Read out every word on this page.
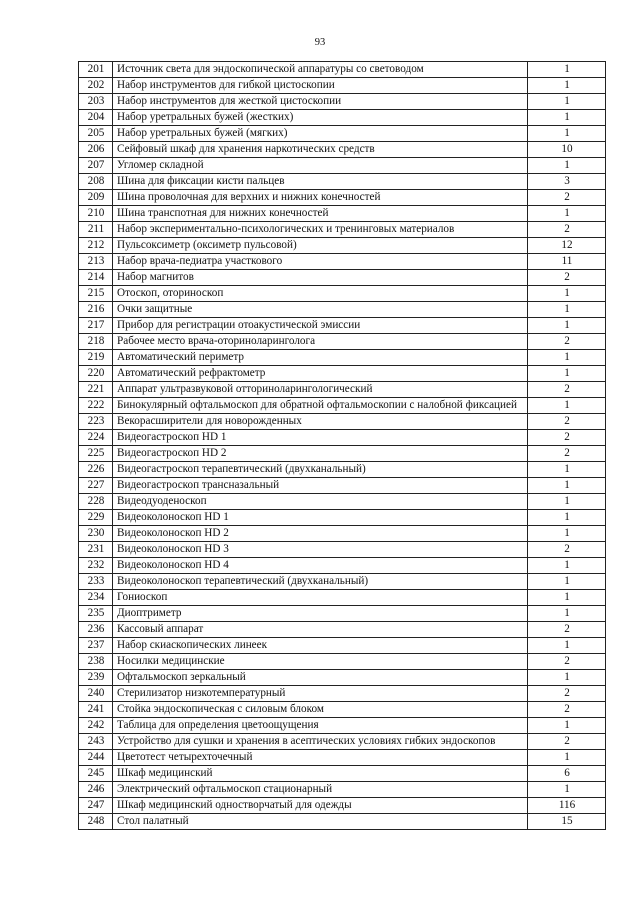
93
201	Источник света для эндоскопической аппаратуры со световодом	1
202	Набор инструментов для гибкой цистоскопии	1
203	Набор инструментов для жесткой цистоскопии	1
204	Набор уретральных бужей (жестких)	1
205	Набор уретральных бужей (мягких)	1
206	Сейфовый шкаф для хранения наркотических средств	10
207	Угломер складной	1
208	Шина для фиксации кисти пальцев	3
209	Шина проволочная для верхних и нижних конечностей	2
210	Шина транспотная для нижних конечностей	1
211	Набор экспериментально-психологических и тренинговых материалов	2
212	Пульсоксиметр (оксиметр пульсовой)	12
213	Набор врача-педиатра участкового	11
214	Набор магнитов	2
215	Отоскоп, оториноскоп	1
216	Очки защитные	1
217	Прибор для регистрации отоакустической эмиссии	1
218	Рабочее место врача-оториноларинголога	2
219	Автоматический периметр	1
220	Автоматический рефрактометр	1
221	Аппарат ультразвуковой отториноларингологический	2
222	Бинокулярный офтальмоскоп для обратной офтальмоскопии с налобной фиксацией	1
223	Векорасширители для новорожденных	2
224	Видеогастроскоп HD 1	2
225	Видеогастроскоп HD 2	2
226	Видеогастроскоп терапевтический (двухканальный)	1
227	Видеогастроскоп трансназальный	1
228	Видеодуоденоскоп	1
229	Видеоколоноскоп HD 1	1
230	Видеоколоноскоп HD 2	1
231	Видеоколоноскоп HD 3	2
232	Видеоколоноскоп HD 4	1
233	Видеоколоноскоп терапевтический (двухканальный)	1
234	Гониоскоп	1
235	Диоптриметр	1
236	Кассовый аппарат	2
237	Набор скиаскопических линеек	1
238	Носилки медицинские	2
239	Офтальмоскоп зеркальный	1
240	Стерилизатор низкотемпературный	2
241	Стойка эндоскопическая с силовым блоком	2
242	Таблица для определения цветоощущения	1
243	Устройство для сушки и хранения в асептических условиях гибких эндоскопов	2
244	Цветотест четырехточечный	1
245	Шкаф медицинский	6
246	Электрический офтальмоскоп стационарный	1
247	Шкаф медицинский одностворчатый для одежды	116
248	Стол палатный	15
